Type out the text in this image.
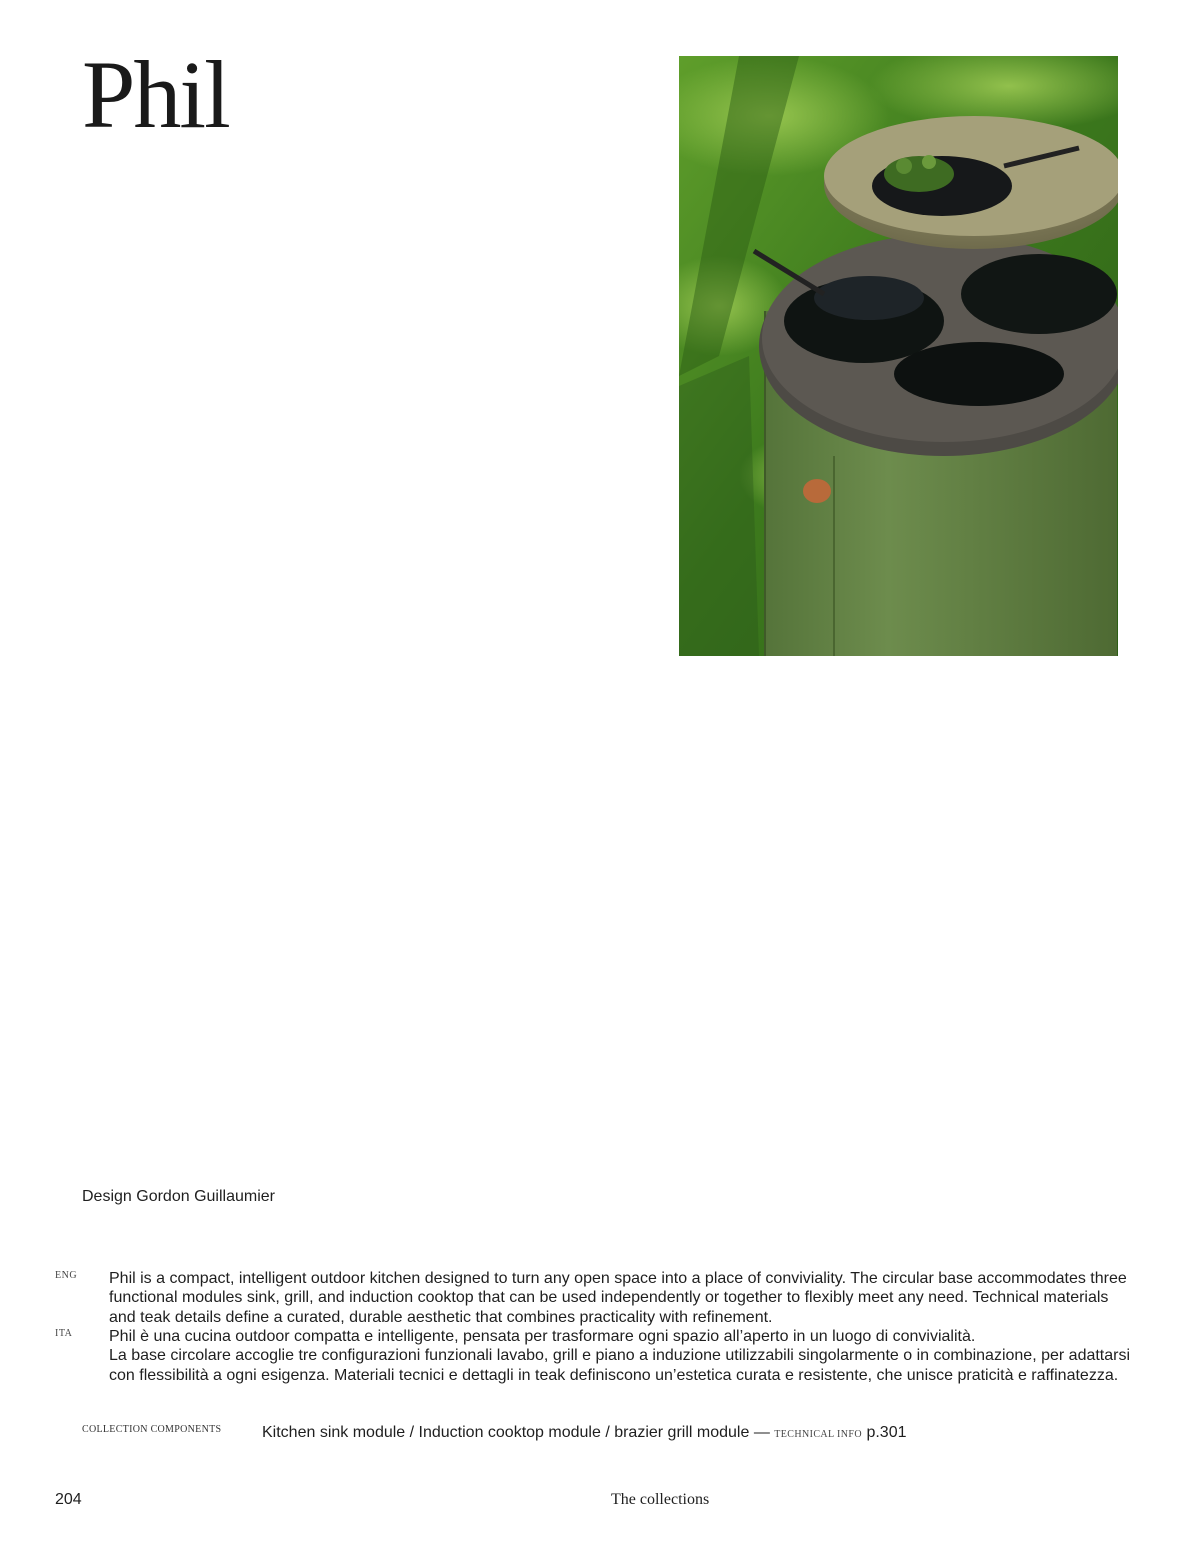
Phil
Design Gordon Guillaumier
ENG Phil is a compact, intelligent outdoor kitchen designed to turn any open space into a place of conviviality. The circular base accommodates three functional modules sink, grill, and induction cooktop that can be used independently or together to flexibly meet any need. Technical materials and teak details define a curated, durable aesthetic that combines practicality with refinement.

ITA Phil è una cucina outdoor compatta e intelligente, pensata per trasformare ogni spazio all’aperto in un luogo di convivialità.
La base circolare accoglie tre configurazioni funzionali lavabo, grill e piano a induzione utilizzabili singolarmente o in combinazione, per adattarsi con flessibilità a ogni esigenza. Materiali tecnici e dettagli in teak definiscono un’estetica curata e resistente, che unisce praticità e raffinatezza.

COLLECTION COMPONENTS	Kitchen sink module / Induction cooktop module / brazier grill module — TECHNICAL INFO p.301
204	The collections
